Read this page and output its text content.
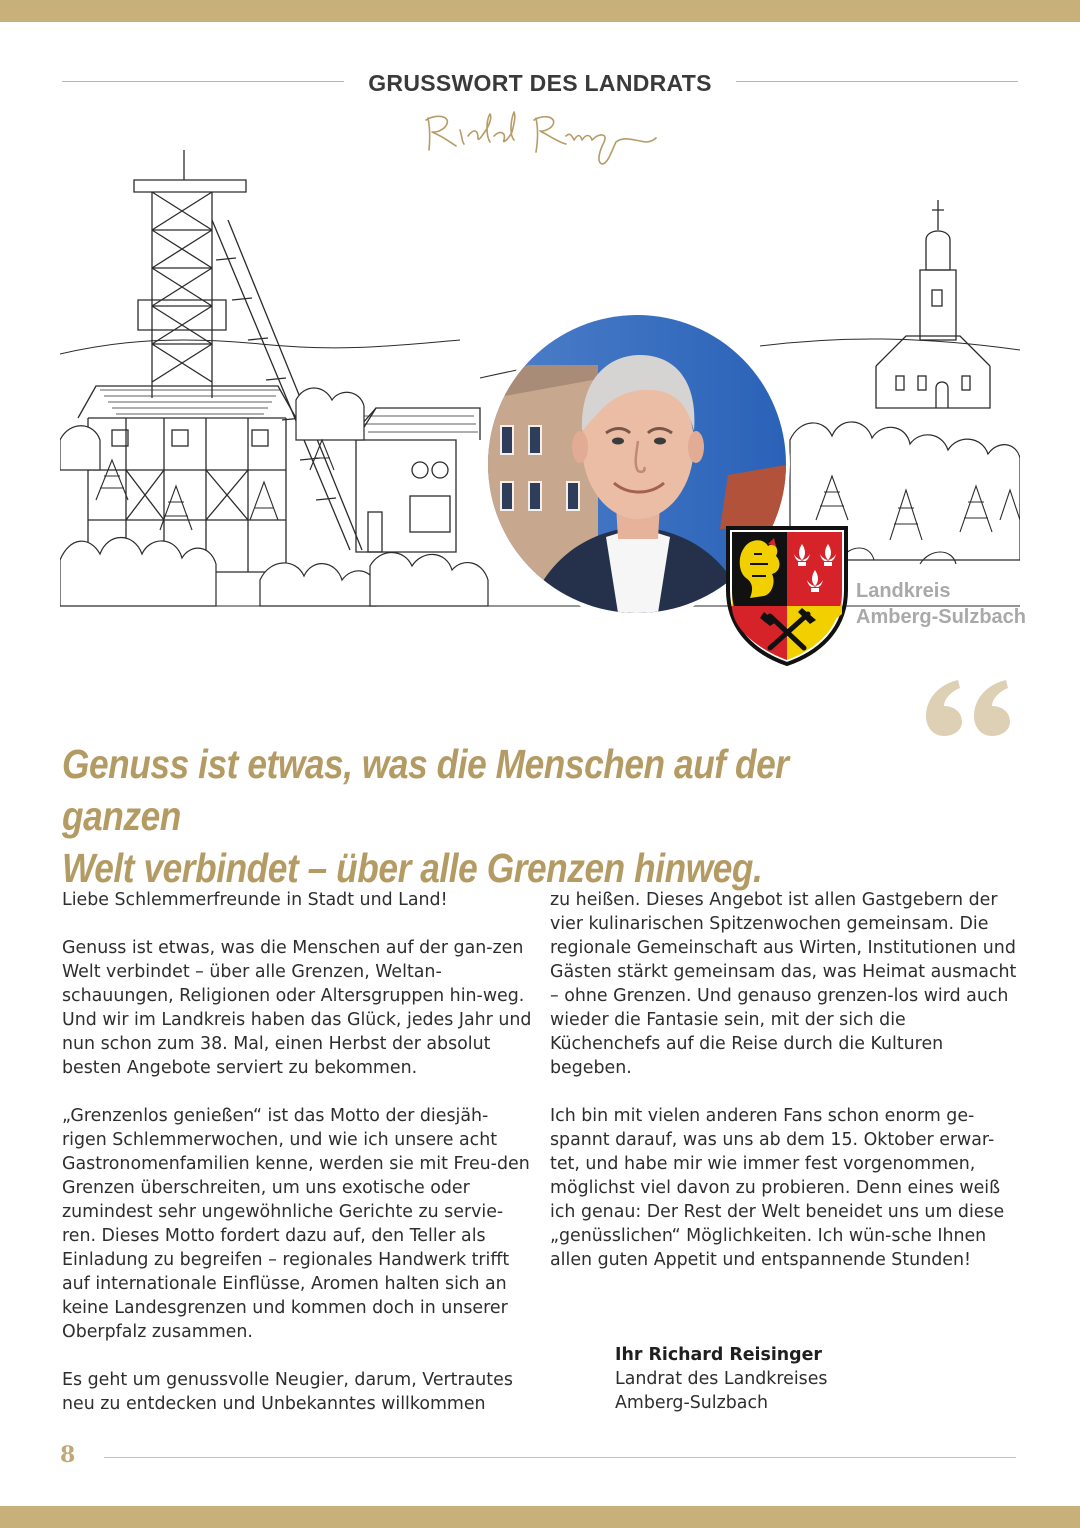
GRUSSWORT DES LANDRATS
Landkreis
Amberg-Sulzbach
Genuss ist etwas, was die Menschen auf der ganzen
Welt verbindet – über alle Grenzen hinweg.

Liebe Schlemmerfreunde in Stadt und Land!

Genuss ist etwas, was die Menschen auf der gan-zen Welt verbindet – über alle Grenzen, Weltan-schauungen, Religionen oder Altersgruppen hin-weg. Und wir im Landkreis haben das Glück, jedes Jahr und nun schon zum 38. Mal, einen Herbst der absolut besten Angebote serviert zu bekommen.

„Grenzenlos genießen“ ist das Motto der diesjäh-rigen Schlemmerwochen, und wie ich unsere acht Gastronomenfamilien kenne, werden sie mit Freu-den Grenzen überschreiten, um uns exotische oder zumindest sehr ungewöhnliche Gerichte zu servie-ren. Dieses Motto fordert dazu auf, den Teller als Einladung zu begreifen – regionales Handwerk trifft auf internationale Einflüsse, Aromen halten sich an keine Landesgrenzen und kommen doch in unserer Oberpfalz zusammen.

Es geht um genussvolle Neugier, darum, Vertrautes neu zu entdecken und Unbekanntes willkommen

zu heißen. Dieses Angebot ist allen Gastgebern der vier kulinarischen Spitzenwochen gemeinsam. Die regionale Gemeinschaft aus Wirten, Institutionen und Gästen stärkt gemeinsam das, was Heimat ausmacht – ohne Grenzen. Und genauso grenzen-los wird auch wieder die Fantasie sein, mit der sich die Küchenchefs auf die Reise durch die Kulturen begeben.

Ich bin mit vielen anderen Fans schon enorm ge-spannt darauf, was uns ab dem 15. Oktober erwar-tet, und habe mir wie immer fest vorgenommen, möglichst viel davon zu probieren. Denn eines weiß ich genau: Der Rest der Welt beneidet uns um diese „genüsslichen“ Möglichkeiten. Ich wün-sche Ihnen allen guten Appetit und entspannende Stunden!

Ihr Richard Reisinger
Landrat des Landkreises
Amberg-Sulzbach
8
